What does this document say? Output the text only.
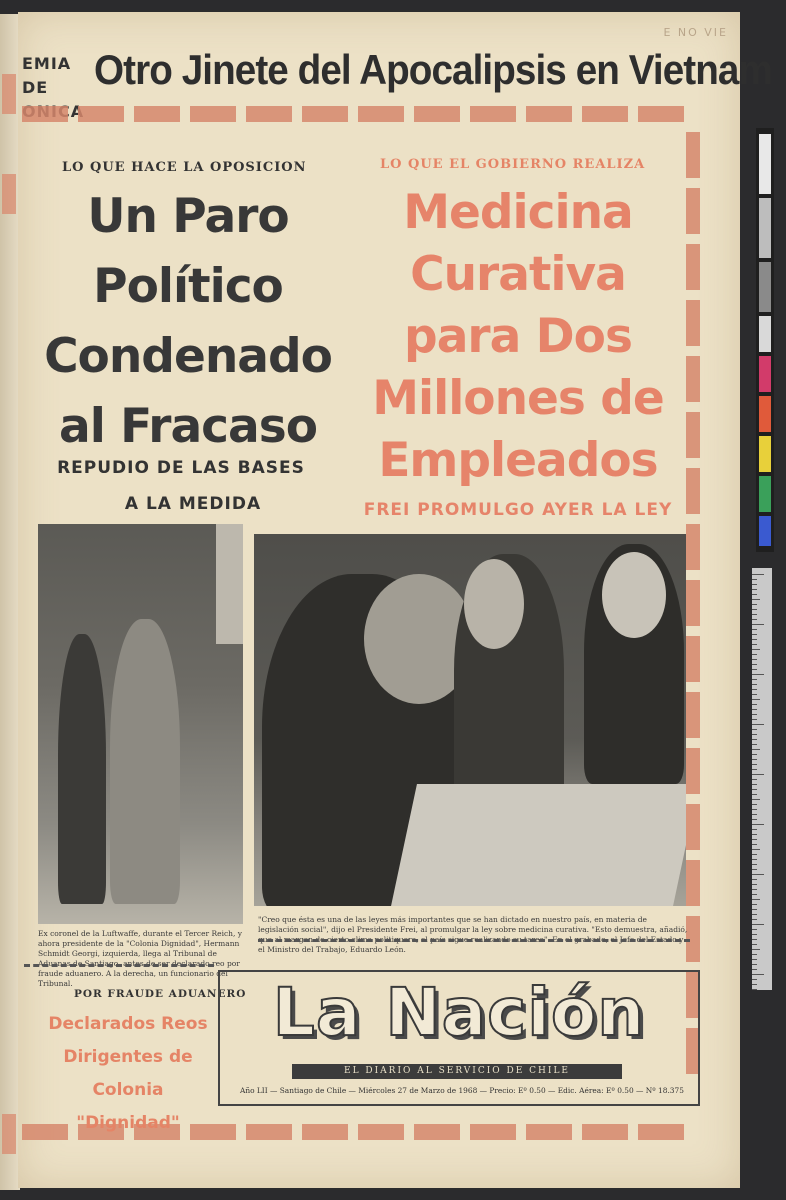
E NO VIE
EMIA DE	Otro Jinete del Apocalipsis en Vietnam
LO QUE HACE LA OPOSICION
Un Paro
Político
Condenado
al Fracaso
REPUDIO DE LAS BASES
A LA MEDIDA
LO QUE EL GOBIERNO REALIZA
Medicina
Curativa
para Dos
Millones de
Empleados
FREI PROMULGO AYER LA LEY
Ex coronel de la Luftwaffe, durante el Tercer Reich, y ahora presidente de la "Colonia Dignidad", Hermann Schmidt Georgi, izquierda, llega al Tribunal de Aduanas de Santiago, antes de ser declarado reo por fraude aduanero. A la derecha, un funcionario del Tribunal.
"Creo que ésta es una de las leyes más importantes que se han dictado en nuestro país, en materia de legislación social", dijo el Presidente Frei, al promulgar la ley sobre medicina curativa. "Esto demuestra, añadió, que al margen de cierto clima politiquero, el país sigue realizando su tarea". En el grabado, el Jefe del Estado y el Ministro del Trabajo, Eduardo León.
POR FRAUDE ADUANERO
Declarados Reos
Dirigentes de
Colonia "Dignidad"
La Nación
EL DIARIO AL SERVICIO DE CHILE
Año LII — Santiago de Chile — Miércoles 27 de Marzo de 1968 — Precio: Eº 0.50 — Edic. Aérea: Eº 0.50 — Nº 18.375
